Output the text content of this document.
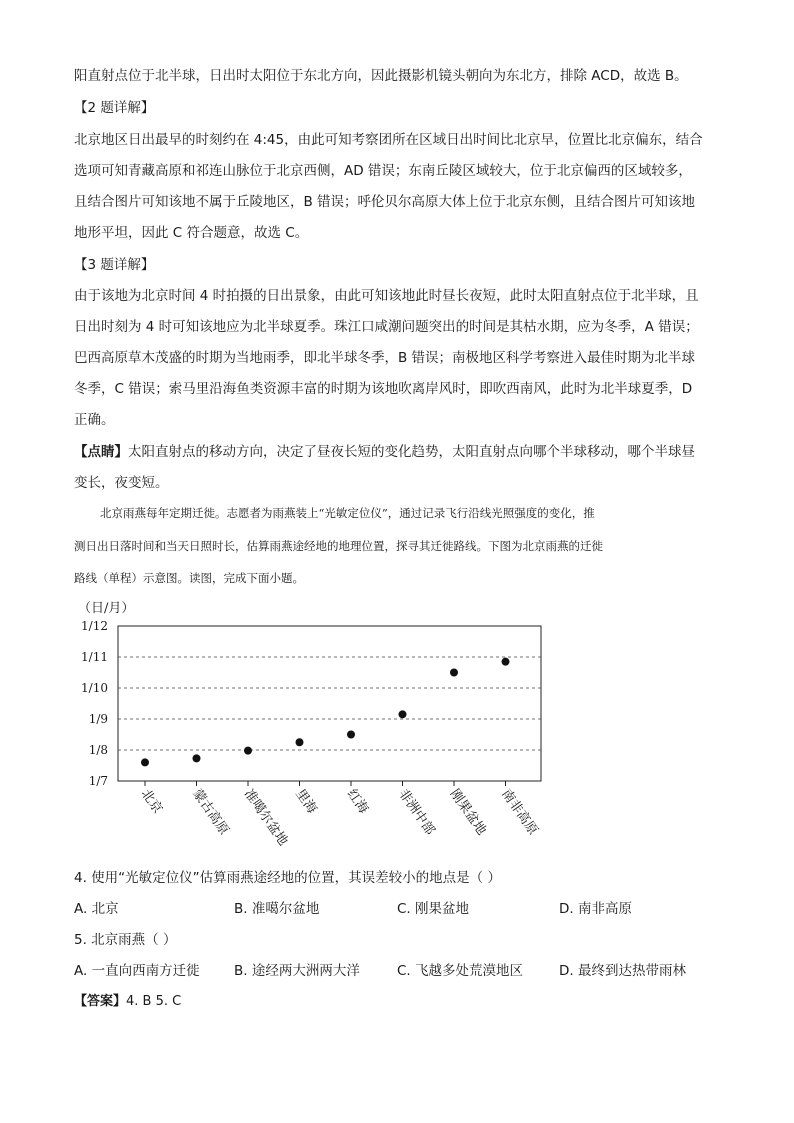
阳直射点位于北半球，日出时太阳位于东北方向，因此摄影机镜头朝向为东北方，排除 ACD，故选 B。
【2 题详解】
北京地区日出最早的时刻约在 4:45，由此可知考察团所在区域日出时间比北京早，位置比北京偏东，结合
选项可知青藏高原和祁连山脉位于北京西侧，AD 错误；东南丘陵区域较大，位于北京偏西的区域较多，
且结合图片可知该地不属于丘陵地区，B 错误；呼伦贝尔高原大体上位于北京东侧，且结合图片可知该地
地形平坦，因此 C 符合题意，故选 C。
【3 题详解】
由于该地为北京时间 4 时拍摄的日出景象，由此可知该地此时昼长夜短，此时太阳直射点位于北半球，且
日出时刻为 4 时可知该地应为北半球夏季。珠江口咸潮问题突出的时间是其枯水期，应为冬季，A 错误；
巴西高原草木茂盛的时期为当地雨季，即北半球冬季，B 错误；南极地区科学考察进入最佳时期为北半球
冬季，C 错误；索马里沿海鱼类资源丰富的时期为该地吹离岸风时，即吹西南风，此时为北半球夏季，D
正确。
【点睛】太阳直射点的移动方向，决定了昼夜长短的变化趋势，太阳直射点向哪个半球移动，哪个半球昼
变长，夜变短。
北京雨燕每年定期迁徙。志愿者为雨燕装上“光敏定位仪”，通过记录飞行沿线光照强度的变化，推
测日出日落时间和当天日照时长，估算雨燕途经地的地理位置，探寻其迁徙路线。下图为北京雨燕的迁徙
路线（单程）示意图。读图，完成下面小题。
（日/月）
1/12
1/11
1/10
1/9
1/8
1/7
北京 蒙古高原 准噶尔盆地 里海 红海 非洲中部 刚果盆地 南非高原
4. 使用“光敏定位仪”估算雨燕途经地的位置，其误差较小的地点是（ ）
A. 北京	B. 准噶尔盆地	C. 刚果盆地	D. 南非高原
5. 北京雨燕（ ）
A. 一直向西南方迁徙	B. 途经两大洲两大洋	C. 飞越多处荒漠地区	D. 最终到达热带雨林
【答案】4. B 5. C
